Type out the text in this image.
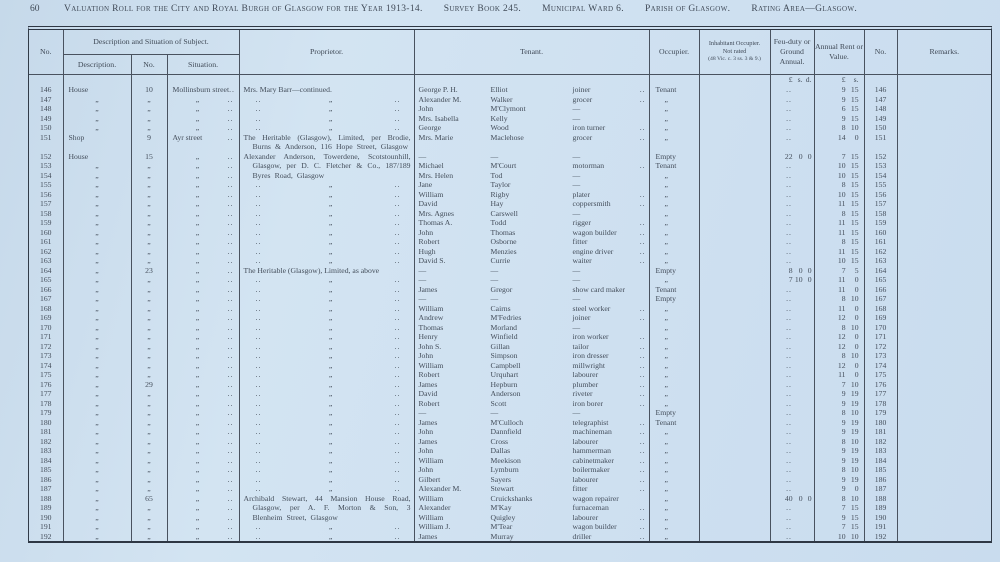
60	Valuation Roll for the City and Royal Burgh of Glasgow for the Year 1913-14. Survey Book 245. Municipal Ward 6. Parish of Glasgow. Rating Area—Glasgow.
No.	Description and Situation of Subject.			Proprietor.	Tenant.	Occupier.	Inhabitant Occupier.
Not rated
(48 Vic. c. 3 ss. 3 & 9.)	Feu-duty or Ground Annual.	Annual Rent or Value.	No.	Remarks.
	Description.	No.	Situation.								

								£ s. d.	£ s.		

146	House	10	Mollinsburn street ..	Mrs. Mary Barr—continued.	George P. H. Elliot joiner ..	Tenant		..	9 15	146	
147	„	„	„ ..	.. „ ..	Alexander M. Walker grocer ..	„		..	9 15	147	
148	„	„	„ ..	.. „ ..	John M'Clymont —	„		..	6 15	148	
149	„	„	„ ..	.. „ ..	Mrs. Isabella Kelly —	„		..	9 15	149	
150	„	„	„ ..	.. „ ..	George Wood iron turner ..	„		..	8 10	150	
151	Shop	9	Ayr street ..	The Heritable (Glasgow), Limited, per Brodie, Burns & Anderson, 116 Hope Street, Glasgow	Mrs. Marie Maclehose grocer ..	„		..	14 0	151	
152	House	15	„ ..	Alexander Anderson, Towerdene, Scotstounhill, Glasgow, per D. C. Fletcher & Co., 187/189 Byres Road, Glasgow	— — —	Empty		22 0 0	7 15	152	
153	„	„	„ ..		Michael M'Court motorman ..	Tenant		..	10 15	153	
154	„	„	„ ..		Mrs. Helen Tod —	„		..	10 15	154	
155	„	„	„ ..	.. „ ..	Jane Taylor —	„		..	8 15	155	
156	„	„	„ ..	.. „ ..	William Rigby plater ..	„		..	10 15	156	
157	„	„	„ ..	.. „ ..	David Hay coppersmith ..	„		..	11 15	157	
158	„	„	„ ..	.. „ ..	Mrs. Agnes Carswell —	„		..	8 15	158	
159	„	„	„ ..	.. „ ..	Thomas A. Todd rigger ..	„		..	11 15	159	
160	„	„	„ ..	.. „ ..	John Thomas wagon builder ..	„		..	11 15	160	
161	„	„	„ ..	.. „ ..	Robert Osborne fitter ..	„		..	8 15	161	
162	„	„	„ ..	.. „ ..	Hugh Menzies engine driver ..	„		..	11 15	162	
163	„	„	„ ..	.. „ ..	David S. Currie waiter ..	„		..	10 15	163	
164	„	23	„ ..	The Heritable (Glasgow), Limited, as above	— — —	Empty		8 0 0	7 5	164	
165	„	„	„ ..	.. „ ..	— — —	„		7 10 0	11 0	165	
166	„	„	„ ..	.. „ ..	James Gregor show card maker	Tenant		..	11 0	166	
167	„	„	„ ..	.. „ ..	— — —	Empty		..	8 10	167	
168	„	„	„ ..	.. „ ..	William Cairns steel worker ..	„		..	11 0	168	
169	„	„	„ ..	.. „ ..	Andrew M'Fedries joiner ..	„		..	12 0	169	
170	„	„	„ ..	.. „ ..	Thomas Morland —	„		..	8 10	170	
171	„	„	„ ..	.. „ ..	Henry Winfield iron worker ..	„		..	12 0	171	
172	„	„	„ ..	.. „ ..	John S. Gillan tailor ..	„		..	12 0	172	
173	„	„	„ ..	.. „ ..	John Simpson iron dresser ..	„		..	8 10	173	
174	„	„	„ ..	.. „ ..	William Campbell millwright ..	„		..	12 0	174	
175	„	„	„ ..	.. „ ..	Robert Urquhart labourer ..	„		..	11 0	175	
176	„	29	„ ..	.. „ ..	James Hepburn plumber ..	„		..	7 10	176	
177	„	„	„ ..	.. „ ..	David Anderson riveter ..	„		..	9 19	177	
178	„	„	„ ..	.. „ ..	Robert Scott iron borer ..	„		..	9 19	178	
179	„	„	„ ..	.. „ ..	— — —	Empty		..	8 10	179	
180	„	„	„ ..	.. „ ..	James M'Culloch telegraphist ..	Tenant		..	9 19	180	
181	„	„	„ ..	.. „ ..	John Dannfield machineman ..	„		..	9 19	181	
182	„	„	„ ..	.. „ ..	James Cross labourer ..	„		..	8 10	182	
183	„	„	„ ..	.. „ ..	John Dallas hammerman ..	„		..	9 19	183	
184	„	„	„ ..	.. „ ..	William Meekison cabinetmaker ..	„		..	9 19	184	
185	„	„	„ ..	.. „ ..	John Lymburn boilermaker ..	„		..	8 10	185	
186	„	„	„ ..	.. „ ..	Gilbert Sayers labourer ..	„		..	9 19	186	
187	„	„	„ ..	.. „ ..	Alexander M. Stewart fitter ..	„		..	9 0	187	
188	„	65	„ ..	Archibald Stewart, 44 Mansion House Road, Glasgow, per A. F. Morton & Son, 3 Blenheim Street, Glasgow	William Cruickshanks wagon repairer	„		40 0 0	8 10	188	
189	„	„	„ ..		Alexander M'Kay furnaceman ..	„		..	7 15	189	
190	„	„	„ ..		William Quigley labourer ..	„		..	9 15	190	
191	„	„	„ ..	.. „ ..	William J. M'Tear wagon builder ..	„		..	7 15	191	
192	„	„	„ ..	.. „ ..	James Murray driller ..	„		..	10 10	192	
